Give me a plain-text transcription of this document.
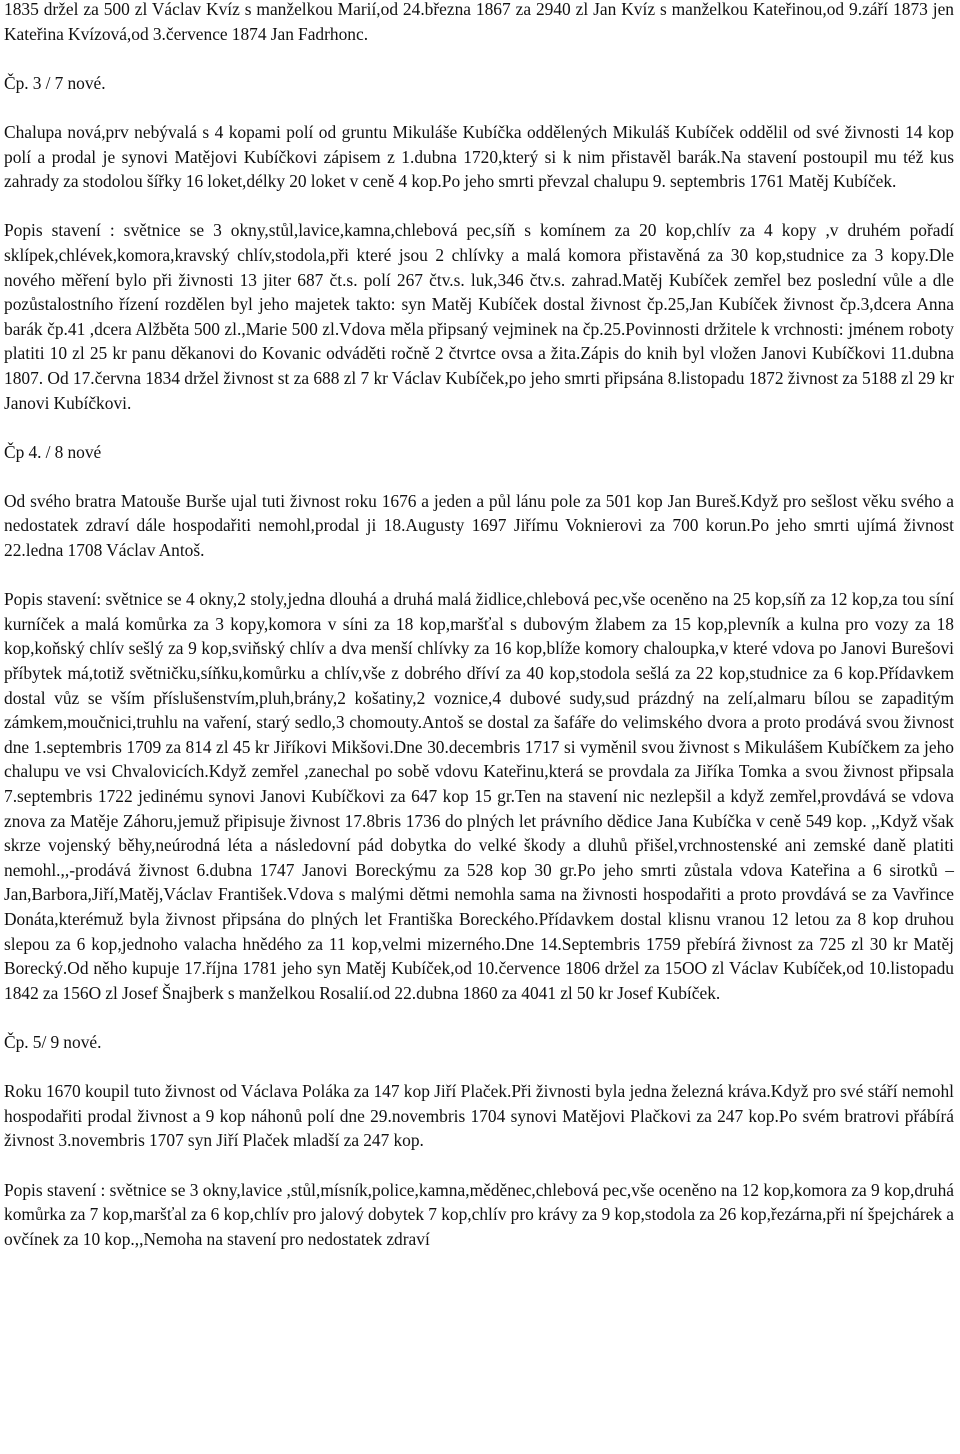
1835 držel za 500 zl Václav Kvíz s manželkou Marií,od 24.března 1867 za 2940 zl Jan Kvíz s manželkou Kateřinou,od 9.září 1873 jen Kateřina Kvízová,od 3.července 1874 Jan Fadrhonc.

Čp. 3 / 7 nové.

Chalupa nová,prv nebývalá s 4 kopami polí od gruntu Mikuláše Kubíčka oddělených Mikuláš Kubíček oddělil od své živnosti 14 kop polí a prodal je synovi Matějovi Kubíčkovi zápisem z 1.dubna 1720,který si k nim přistavěl barák.Na stavení postoupil mu též kus zahrady za stodolou šířky 16 loket,délky 20 loket v ceně 4 kop.Po jeho smrti převzal chalupu 9. septembris 1761 Matěj Kubíček.

Popis stavení : světnice se 3 okny,stůl,lavice,kamna,chlebová pec,síň s komínem za 20 kop,chlív za 4 kopy ,v druhém pořadí sklípek,chlévek,komora,kravský chlív,stodola,při které jsou 2 chlívky a malá komora přistavěná za 30 kop,studnice za 3 kopy.Dle nového měření bylo při živnosti 13 jiter 687 čt.s. polí 267 čtv.s. luk,346 čtv.s. zahrad.Matěj Kubíček zemřel bez poslední vůle a dle pozůstalostního řízení rozdělen byl jeho majetek takto: syn Matěj Kubíček dostal živnost čp.25,Jan Kubíček živnost čp.3,dcera Anna barák čp.41 ,dcera Alžběta 500 zl.,Marie 500 zl.Vdova měla připsaný vejminek na čp.25.Povinnosti držitele k vrchnosti: jménem roboty platiti 10 zl 25 kr panu děkanovi do Kovanic odváděti ročně 2 čtvrtce ovsa a žita.Zápis do knih byl vložen Janovi Kubíčkovi 11.dubna 1807. Od 17.června 1834 držel živnost st za 688 zl 7 kr Václav Kubíček,po jeho smrti připsána 8.listopadu 1872 živnost za 5188 zl 29 kr Janovi Kubíčkovi.

Čp 4. / 8 nové

Od svého bratra Matouše Burše ujal tuti živnost roku 1676 a jeden a půl lánu pole za 501 kop Jan Bureš.Když pro sešlost věku svého a nedostatek zdraví dále hospodařiti nemohl,prodal ji 18.Augusty 1697 Jiřímu Voknierovi za 700 korun.Po jeho smrti ujímá živnost 22.ledna 1708 Václav Antoš.

Popis stavení: světnice se 4 okny,2 stoly,jedna dlouhá a druhá malá židlice,chlebová pec,vše oceněno na 25 kop,síň za 12 kop,za tou síní kurníček a malá komůrka za 3 kopy,komora v síni za 18 kop,maršťal s dubovým žlabem za 15 kop,plevník a kulna pro vozy za 18 kop,koňský chlív sešlý za 9 kop,sviňský chlív a dva menší chlívky za 16 kop,blíže komory chaloupka,v které vdova po Janovi Burešovi příbytek má,totiž světničku,síňku,komůrku a chlív,vše z dobrého dříví za 40 kop,stodola sešlá za 22 kop,studnice za 6 kop.Přídavkem dostal vůz se vším příslušenstvím,pluh,brány,2 košatiny,2 voznice,4 dubové sudy,sud prázdný na zelí,almaru bílou se zapaditým zámkem,moučnici,truhlu na vaření, starý sedlo,3 chomouty.Antoš se dostal za šafáře do velimského dvora a proto prodává svou živnost dne 1.septembris 1709 za 814 zl 45 kr Jiříkovi Mikšovi.Dne 30.decembris 1717 si vyměnil svou živnost s Mikulášem Kubíčkem za jeho chalupu ve vsi Chvalovicích.Když zemřel ,zanechal po sobě vdovu Kateřinu,která se provdala za Jiříka Tomka a svou živnost připsala 7.septembris 1722 jedinému synovi Janovi Kubíčkovi za 647 kop 15 gr.Ten na stavení nic nezlepšil a když zemřel,provdává se vdova znova za Matěje Záhoru,jemuž připisuje živnost 17.8bris 1736 do plných let právního dědice Jana Kubíčka v ceně 549 kop. ,,Když však skrze vojenský běhy,neúrodná léta a následovní pád dobytka do velké škody a dluhů přišel,vrchnostenské ani zemské daně platiti nemohl.,,-prodává živnost 6.dubna 1747 Janovi Boreckýmu za 528 kop 30 gr.Po jeho smrti zůstala vdova Kateřina a 6 sirotků – Jan,Barbora,Jiří,Matěj,Václav František.Vdova s malými dětmi nemohla sama na živnosti hospodařiti a proto provdává se za Vavřince Donáta,kterémuž byla živnost připsána do plných let Františka Boreckého.Přídavkem dostal klisnu vranou 12 letou za 8 kop druhou slepou za 6 kop,jednoho valacha hnědého za 11 kop,velmi mizerného.Dne 14.Septembris 1759 přebírá živnost za 725 zl 30 kr Matěj Borecký.Od něho kupuje 17.října 1781 jeho syn Matěj Kubíček,od 10.července 1806 držel za 15OO zl Václav Kubíček,od 10.listopadu 1842 za 156O zl Josef Šnajberk s manželkou Rosalií.od 22.dubna 1860 za 4041 zl 50 kr Josef Kubíček.

Čp. 5/ 9 nové.

Roku 1670 koupil tuto živnost od Václava Poláka za 147 kop Jiří Plaček.Při živnosti byla jedna železná kráva.Když pro své stáří nemohl hospodařiti prodal živnost a 9 kop náhonů polí dne 29.novembris 1704 synovi Matějovi Plačkovi za 247 kop.Po svém bratrovi přábírá živnost 3.novembris 1707 syn Jiří Plaček mladší za 247 kop.

Popis stavení : světnice se 3 okny,lavice ,stůl,mísník,police,kamna,měděnec,chlebová pec,vše oceněno na 12 kop,komora za 9 kop,druhá komůrka za 7 kop,maršťal za 6 kop,chlív pro jalový dobytek 7 kop,chlív pro krávy za 9 kop,stodola za 26 kop,řezárna,při ní špejchárek a ovčínek za 10 kop.,,Nemoha na stavení pro nedostatek zdraví
